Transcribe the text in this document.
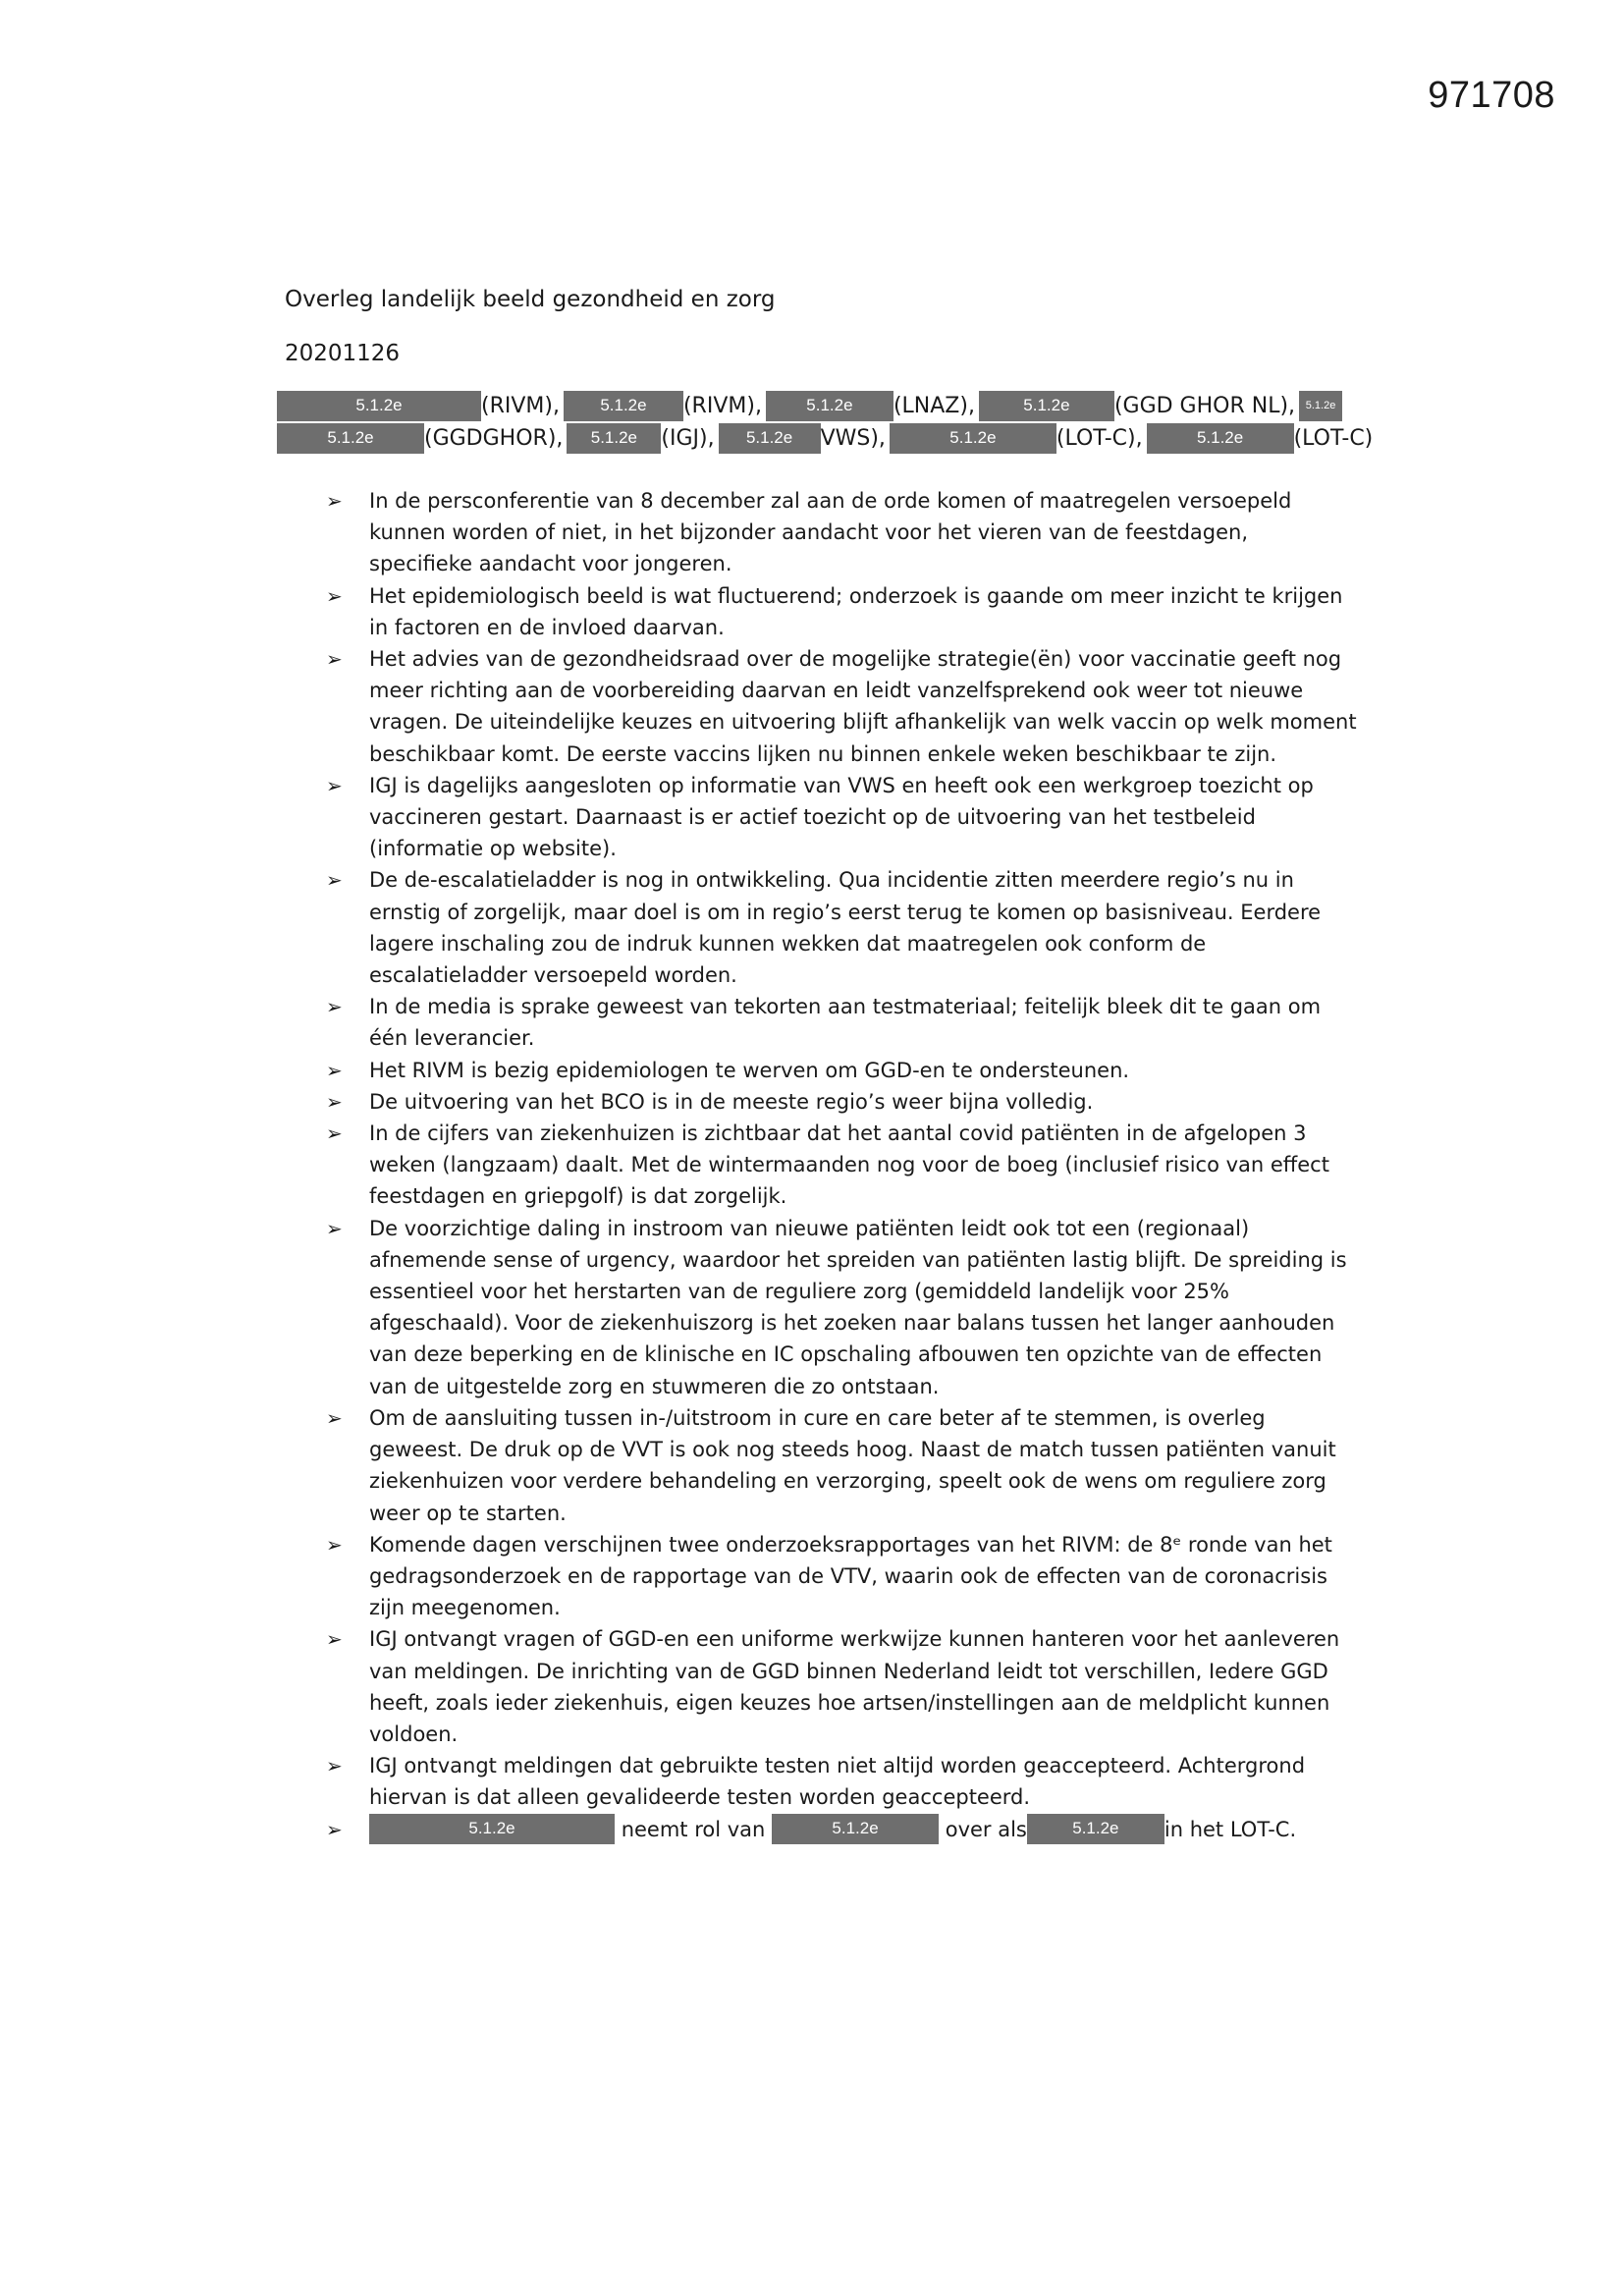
971708
Overleg landelijk beeld gezondheid en zorg
20201126
5.1.2e	(RIVM), 5.1.2e (RIVM),	5.1.2e (LNAZ),	5.1.2e (GGD GHOR NL), 5.1.2e
5.1.2e (GGDGHOR), 5.1.2e (IGJ), 5.1.2e VWS),	5.1.2e	(LOT-C),	5.1.2e (LOT-C)
➢ In de persconferentie van 8 december zal aan de orde komen of maatregelen versoepeld kunnen worden of niet, in het bijzonder aandacht voor het vieren van de feestdagen, specifieke aandacht voor jongeren.
➢ Het epidemiologisch beeld is wat fluctuerend; onderzoek is gaande om meer inzicht te krijgen in factoren en de invloed daarvan.
➢ Het advies van de gezondheidsraad over de mogelijke strategie(ën) voor vaccinatie geeft nog meer richting aan de voorbereiding daarvan en leidt vanzelfsprekend ook weer tot nieuwe vragen. De uiteindelijke keuzes en uitvoering blijft afhankelijk van welk vaccin op welk moment beschikbaar komt. De eerste vaccins lijken nu binnen enkele weken beschikbaar te zijn.
➢ IGJ is dagelijks aangesloten op informatie van VWS en heeft ook een werkgroep toezicht op vaccineren gestart. Daarnaast is er actief toezicht op de uitvoering van het testbeleid (informatie op website).
➢ De de-escalatieladder is nog in ontwikkeling. Qua incidentie zitten meerdere regio’s nu in ernstig of zorgelijk, maar doel is om in regio’s eerst terug te komen op basisniveau. Eerdere lagere inschaling zou de indruk kunnen wekken dat maatregelen ook conform de escalatieladder versoepeld worden.
➢ In de media is sprake geweest van tekorten aan testmateriaal; feitelijk bleek dit te gaan om één leverancier.
➢ Het RIVM is bezig epidemiologen te werven om GGD-en te ondersteunen.
➢ De uitvoering van het BCO is in de meeste regio’s weer bijna volledig.
➢ In de cijfers van ziekenhuizen is zichtbaar dat het aantal covid patiënten in de afgelopen 3 weken (langzaam) daalt. Met de wintermaanden nog voor de boeg (inclusief risico van effect feestdagen en griepgolf) is dat zorgelijk.
➢ De voorzichtige daling in instroom van nieuwe patiënten leidt ook tot een (regionaal) afnemende sense of urgency, waardoor het spreiden van patiënten lastig blijft. De spreiding is essentieel voor het herstarten van de reguliere zorg (gemiddeld landelijk voor 25% afgeschaald). Voor de ziekenhuiszorg is het zoeken naar balans tussen het langer aanhouden van deze beperking en de klinische en IC opschaling afbouwen ten opzichte van de effecten van de uitgestelde zorg en stuwmeren die zo ontstaan.
➢ Om de aansluiting tussen in-/uitstroom in cure en care beter af te stemmen, is overleg geweest. De druk op de VVT is ook nog steeds hoog. Naast de match tussen patiënten vanuit ziekenhuizen voor verdere behandeling en verzorging, speelt ook de wens om reguliere zorg weer op te starten.
➢ Komende dagen verschijnen twee onderzoeksrapportages van het RIVM: de 8ᵉ ronde van het gedragsonderzoek en de rapportage van de VTV, waarin ook de effecten van de coronacrisis zijn meegenomen.
➢ IGJ ontvangt vragen of GGD-en een uniforme werkwijze kunnen hanteren voor het aanleveren van meldingen. De inrichting van de GGD binnen Nederland leidt tot verschillen, Iedere GGD heeft, zoals ieder ziekenhuis, eigen keuzes hoe artsen/instellingen aan de meldplicht kunnen voldoen.
➢ IGJ ontvangt meldingen dat gebruikte testen niet altijd worden geaccepteerd. Achtergrond hiervan is dat alleen gevalideerde testen worden geaccepteerd.
➢	5.1.2e	neemt rol van	5.1.2e	over als	5.1.2e in het LOT-C.
